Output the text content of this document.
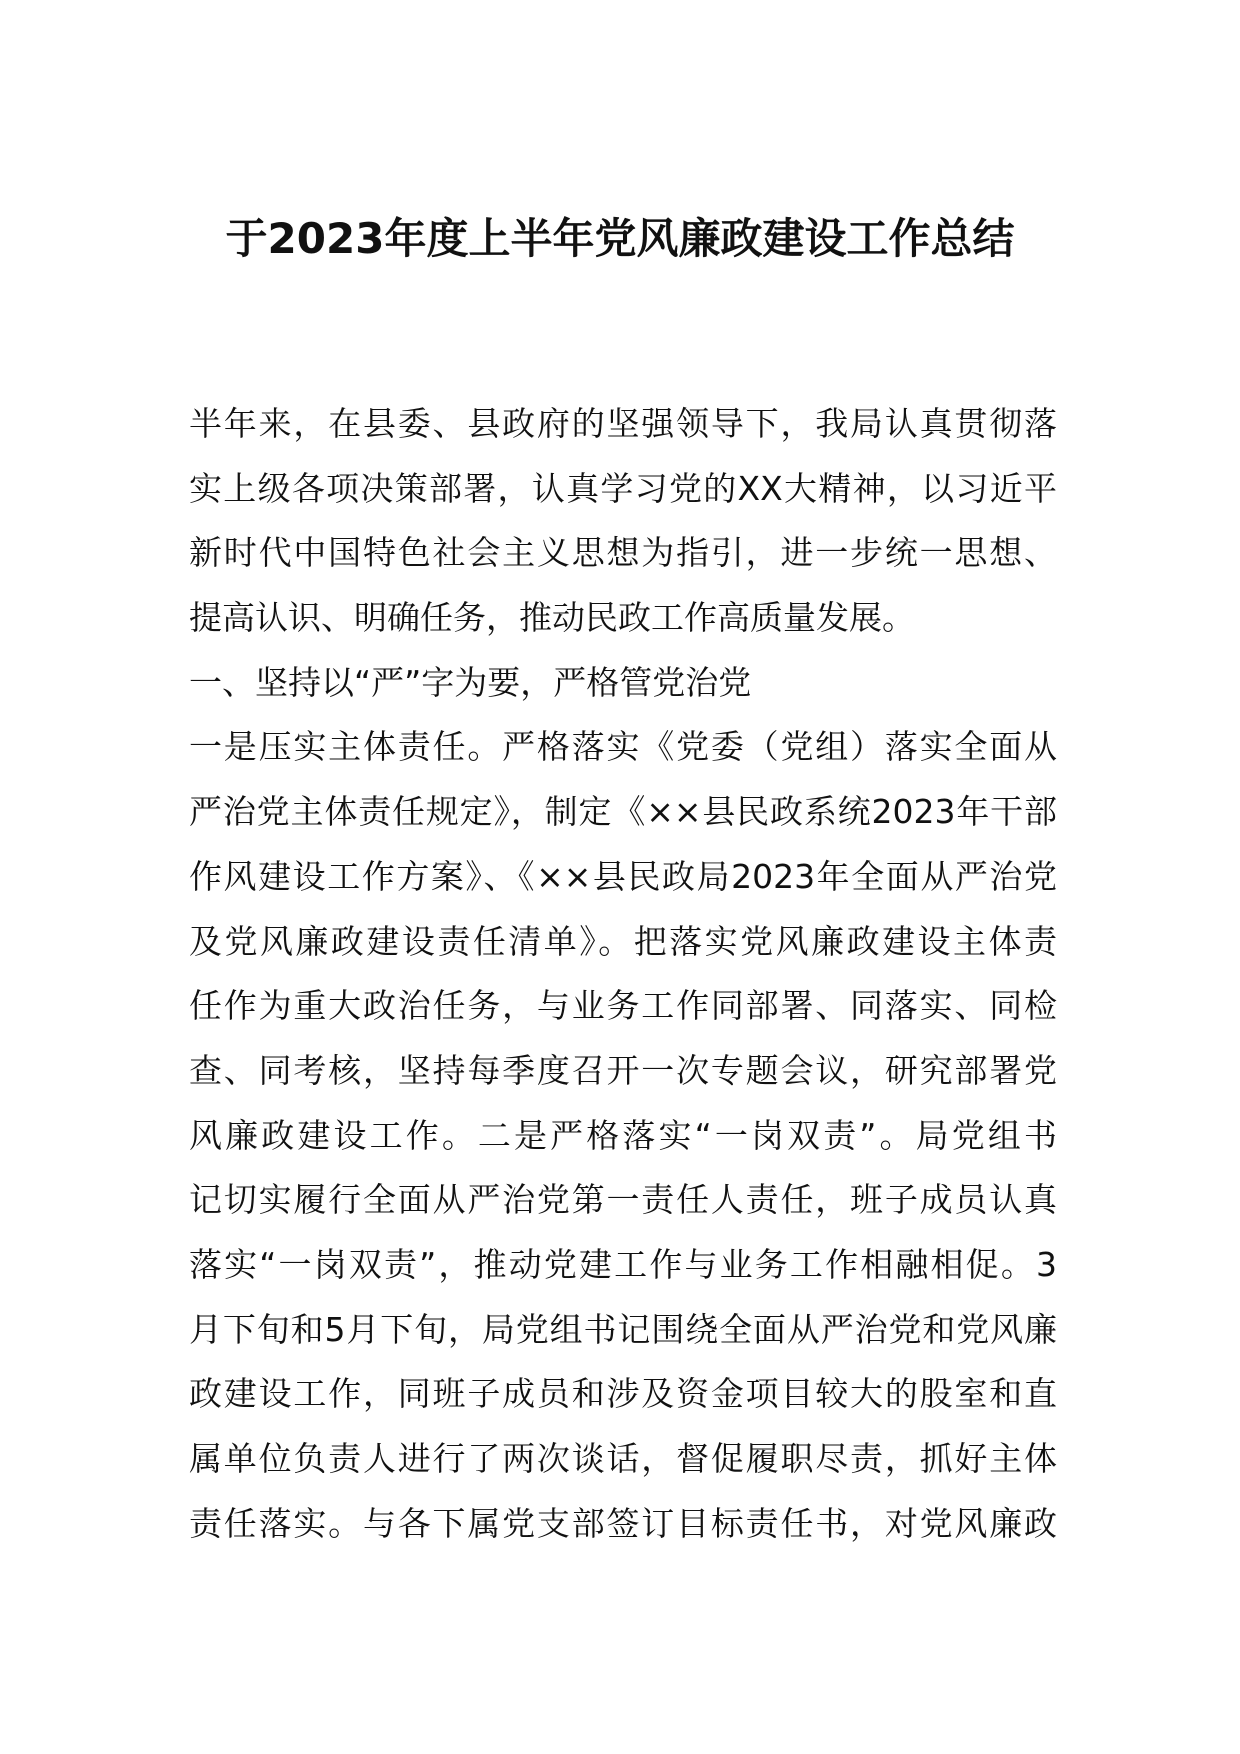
于2023年度上半年党风廉政建设工作总结
半年来，在县委、县政府的坚强领导下，我局认真贯彻落
实上级各项决策部署，认真学习党的XX大精神，以习近平
新时代中国特色社会主义思想为指引，进一步统一思想、
提高认识、明确任务，推动民政工作高质量发展。
一、坚持以“严”字为要，严格管党治党
一是压实主体责任。严格落实《党委（党组）落实全面从
严治党主体责任规定》，制定《××县民政系统2023年干部
作风建设工作方案》、《××县民政局2023年全面从严治党
及党风廉政建设责任清单》。把落实党风廉政建设主体责
任作为重大政治任务，与业务工作同部署、同落实、同检
查、同考核，坚持每季度召开一次专题会议，研究部署党
风廉政建设工作。二是严格落实“一岗双责”。局党组书
记切实履行全面从严治党第一责任人责任，班子成员认真
落实“一岗双责”，推动党建工作与业务工作相融相促。3
月下旬和5月下旬，局党组书记围绕全面从严治党和党风廉
政建设工作，同班子成员和涉及资金项目较大的股室和直
属单位负责人进行了两次谈话，督促履职尽责，抓好主体
责任落实。与各下属党支部签订目标责任书，对党风廉政
